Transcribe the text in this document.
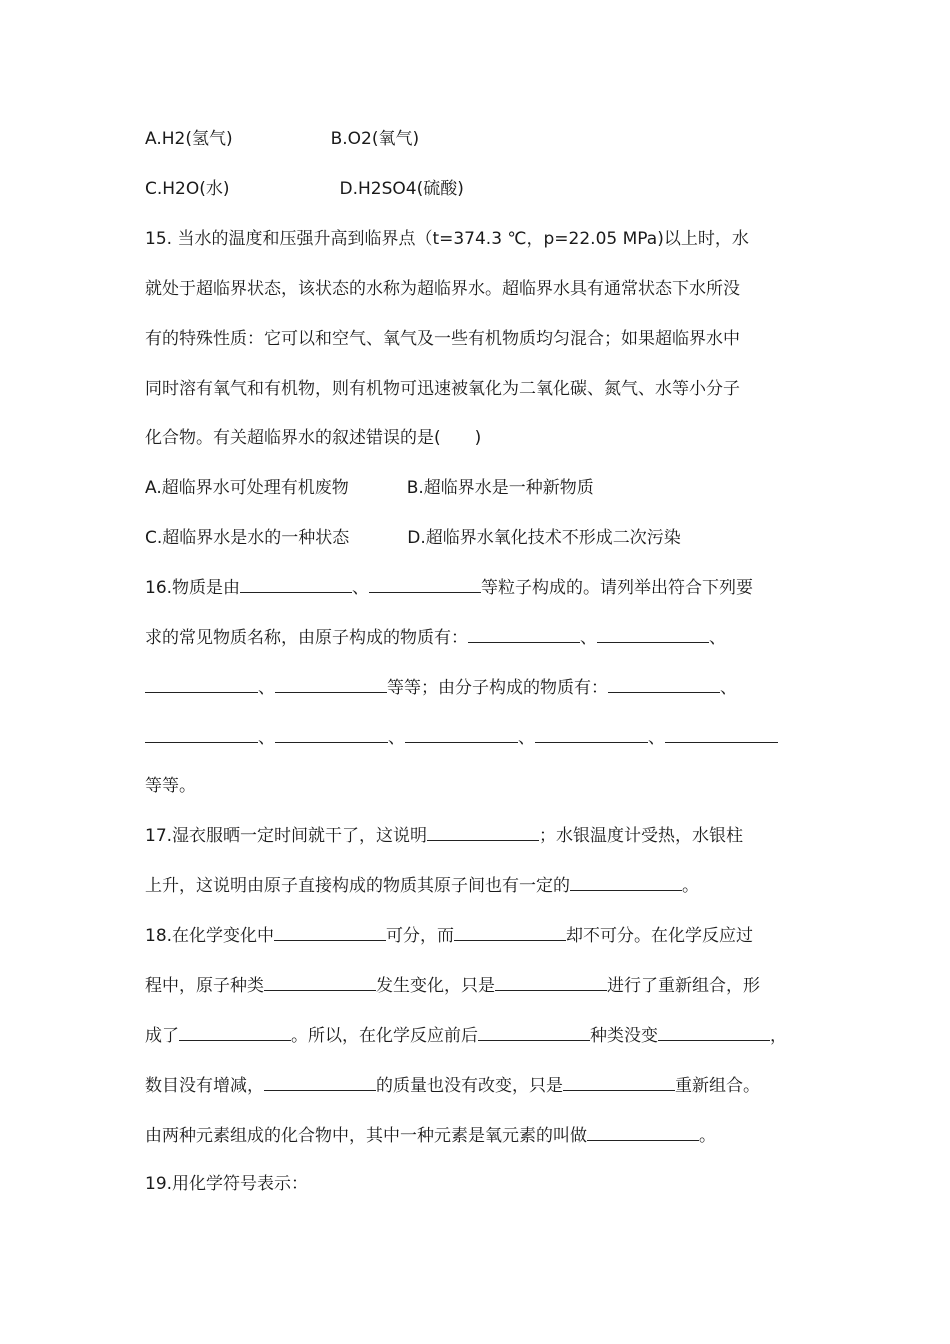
A.H2(氢气)	B.O2(氧气)
C.H2O(水)	D.H2SO4(硫酸)
15. 当水的温度和压强升高到临界点（t=374.3 ℃，p=22.05 MPa)以上时，水
就处于超临界状态，该状态的水称为超临界水。超临界水具有通常状态下水所没
有的特殊性质：它可以和空气、氧气及一些有机物质均匀混合；如果超临界水中
同时溶有氧气和有机物，则有机物可迅速被氧化为二氧化碳、氮气、水等小分子
化合物。有关超临界水的叙述错误的是(　　)
A.超临界水可处理有机废物	B.超临界水是一种新物质
C.超临界水是水的一种状态	D.超临界水氧化技术不形成二次污染
16.物质是由	、	等粒子构成的。请列举出符合下列要
求的常见物质名称，由原子构成的物质有：	、	、
、	等等；由分子构成的物质有：	、
、	、	、	、
等等。
17.湿衣服晒一定时间就干了，这说明	；水银温度计受热，水银柱
上升，这说明由原子直接构成的物质其原子间也有一定的	。
18.在化学变化中	可分，而	却不可分。在化学反应过
程中，原子种类	发生变化，只是	进行了重新组合，形
成了	。所以，在化学反应前后	种类没变	，
数目没有增减，	的质量也没有改变，只是	重新组合。
由两种元素组成的化合物中，其中一种元素是氧元素的叫做	。
19.用化学符号表示：
